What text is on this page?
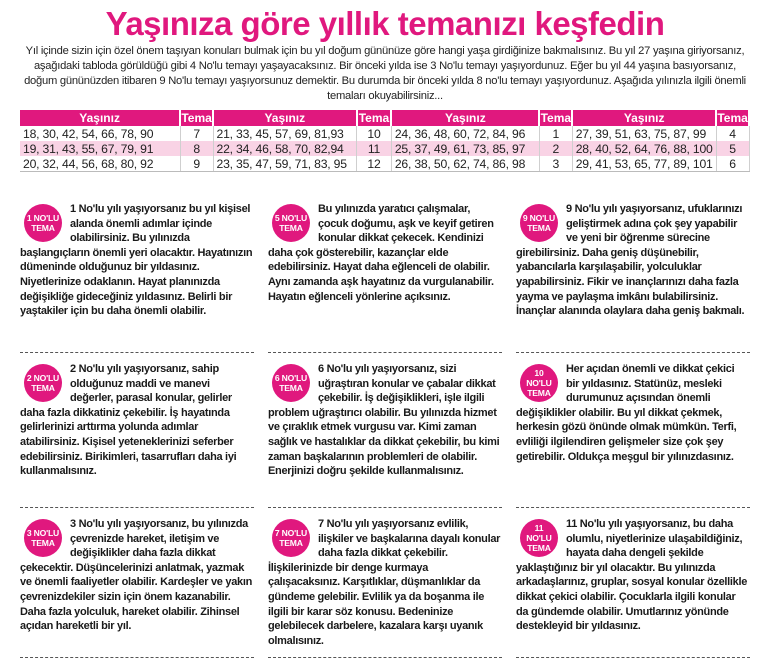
Yaşınıza göre yıllık temanızı keşfedin
Yıl içinde sizin için özel önem taşıyan konuları bulmak için bu yıl doğum gününüze göre hangi yaşa girdiğinize bakmalısınız. Bu yıl 27 yaşına giriyorsanız, aşağıdaki tabloda görüldüğü gibi 4 No'lu temayı yaşayacaksınız. Bir önceki yılda ise 3 No'lu temayı yaşıyordunuz. Eğer bu yıl 44 yaşına basıyorsanız, doğum gününüzden itibaren 9 No'lu temayı yaşıyorsunuz demektir. Bu durumda bir önceki yılda 8 no'lu temayı yaşıyordunuz. Aşağıda yılınızla ilgili önemli temaları okuyabilirsiniz...
Yaşınız	Tema	Yaşınız	Tema	Yaşınız	Tema	Yaşınız	Tema
18, 30, 42, 54, 66, 78, 90	7	21, 33, 45, 57, 69, 81,93	10	24, 36, 48, 60, 72, 84, 96	1	27, 39, 51, 63, 75, 87, 99	4
19, 31, 43, 55, 67, 79, 91	8	22, 34, 46, 58, 70, 82,94	11	25, 37, 49, 61, 73, 85, 97	2	28, 40, 52, 64, 76, 88, 100	5
20, 32, 44, 56, 68, 80, 92	9	23, 35, 47, 59, 71, 83, 95	12	26, 38, 50, 62, 74, 86, 98	3	29, 41, 53, 65, 77, 89, 101	6
1 NO'LU TEMA
1 No'lu yılı yaşıyorsanız bu yıl kişisel alanda önemli adımlar içinde olabilirsiniz. Bu yılınızda başlangıçların önemli yeri olacaktır. Hayatınızın dümeninde olduğunuz bir yıldasınız. Niyetlerinize odaklanın. Hayat planınızda değişikliğe gideceğiniz yıldasınız. Belirli bir yaştakiler için bu daha önemli olabilir.
2 NO'LU TEMA
2 No'lu yılı yaşıyorsanız, sahip olduğunuz maddi ve manevi değerler, parasal konular, gelirler daha fazla dikkatiniz çekebilir. İş hayatında gelirlerinizi arttırma yolunda adımlar atabilirsiniz. Kişisel yeteneklerinizi seferber edebilirsiniz. Birikimleri, tasarrufları daha iyi kullanmalısınız.
3 NO'LU TEMA
3 No'lu yılı yaşıyorsanız, bu yılınızda çevrenizde hareket, iletişim ve değişiklikler daha fazla dikkat çekecektir. Düşüncelerinizi anlatmak, yazmak ve önemli faaliyetler olabilir. Kardeşler ve yakın çevrenizdekiler sizin için önem kazanabilir. Daha fazla yolculuk, hareket olabilir. Zihinsel açıdan hareketli bir yıl.
5 NO'LU TEMA
Bu yılınızda yaratıcı çalışmalar, çocuk doğumu, aşk ve keyif getiren konular dikkat çekecek. Kendinizi daha çok gösterebilir, kazançlar elde edebilirsiniz. Hayat daha eğlenceli de olabilir. Aynı zamanda aşk hayatınız da vurgulanabilir. Hayatın eğlenceli yönlerine açıksınız.
6 NO'LU TEMA
6 No'lu yılı yaşıyorsanız, sizi uğraştıran konular ve çabalar dikkat çekebilir. İş değişiklikleri, işle ilgili problem uğraştırıcı olabilir. Bu yılınızda hizmet ve çıraklık etmek vurgusu var. Kimi zaman sağlık ve hastalıklar da dikkat çekebilir, bu kimi zaman başkalarının problemleri de olabilir. Enerjinizi doğru şekilde kullanmalısınız.
7 NO'LU TEMA
7 No'lu yılı yaşıyorsanız evlilik, ilişkiler ve başkalarına dayalı konular daha fazla dikkat çekebilir. İlişkilerinizde bir denge kurmaya çalışacaksınız. Karşıtlıklar, düşmanlıklar da gündeme gelebilir. Evlilik ya da boşanma ile ilgili bir karar söz konusu. Bedeninize gelebilecek darbelere, kazalara karşı uyanık olmalısınız.
9 NO'LU TEMA
9 No'lu yılı yaşıyorsanız, ufuklarınızı geliştirmek adına çok şey yapabilir ve yeni bir öğrenme sürecine girebilirsiniz. Daha geniş düşünebilir, yabancılarla karşılaşabilir, yolculuklar yapabilirsiniz. Fikir ve inançlarınızı daha fazla yayma ve paylaşma imkânı bulabilirsiniz. İnançlar alanında olaylara daha geniş bakmalı.
10 NO'LU TEMA
Her açıdan önemli ve dikkat çekici bir yıldasınız. Statünüz, mesleki durumunuz açısından önemli değişiklikler olabilir. Bu yıl dikkat çekmek, herkesin gözü önünde olmak mümkün. Terfi, evliliği ilgilendiren gelişmeler size çok şey getirebilir. Oldukça meşgul bir yılınızdasınız.
11 NO'LU TEMA
11 No'lu yılı yaşıyorsanız, bu daha olumlu, niyetlerinize ulaşabildiğiniz, hayata daha dengeli şekilde yaklaştığınız bir yıl olacaktır. Bu yılınızda arkadaşlarınız, gruplar, sosyal konular özellikle dikkat çekici olabilir. Çocuklarla ilgili konular da gündemde olabilir. Umutlarınız yönünde destekleyid bir yıldasınız.
